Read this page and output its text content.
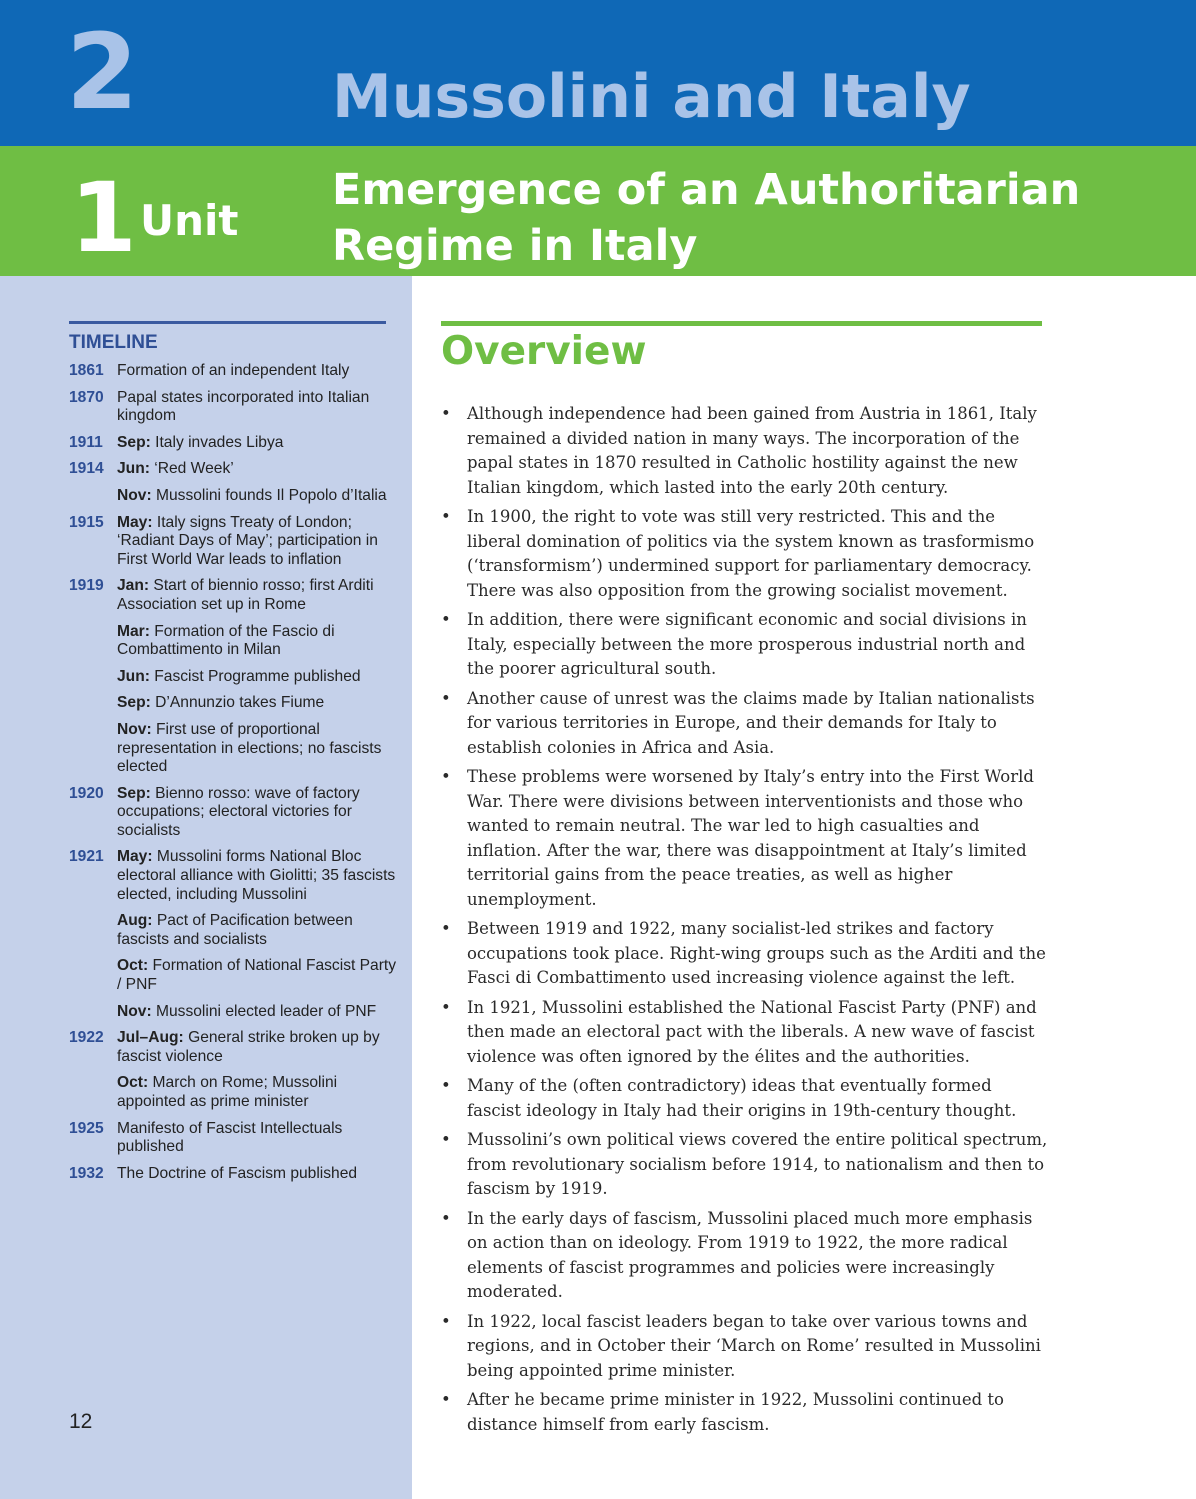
2	Mussolini and Italy
1 Unit
Emergence of an Authoritarian
Regime in Italy
TIMELINE
1861 Formation of an independent Italy
1870 Papal states incorporated into Italian kingdom
1911 Sep: Italy invades Libya
1914 Jun: ‘Red Week’
Nov: Mussolini founds Il Popolo d’Italia
1915 May: Italy signs Treaty of London; ‘Radiant Days of May’; participation in First World War leads to inflation
1919 Jan: Start of biennio rosso; first Arditi Association set up in Rome
Mar: Formation of the Fascio di Combattimento in Milan
Jun: Fascist Programme published
Sep: D’Annunzio takes Fiume
Nov: First use of proportional representation in elections; no fascists elected
1920 Sep: Bienno rosso: wave of factory occupations; electoral victories for socialists
1921 May: Mussolini forms National Bloc electoral alliance with Giolitti; 35 fascists elected, including Mussolini
Aug: Pact of Pacification between fascists and socialists
Oct: Formation of National Fascist Party / PNF
Nov: Mussolini elected leader of PNF
1922 Jul–Aug: General strike broken up by fascist violence
Oct: March on Rome; Mussolini appointed as prime minister
1925 Manifesto of Fascist Intellectuals published
1932 The Doctrine of Fascism published
12
Overview
• Although independence had been gained from Austria in 1861, Italy remained a divided nation in many ways. The incorporation of the papal states in 1870 resulted in Catholic hostility against the new Italian kingdom, which lasted into the early 20th century.
• In 1900, the right to vote was still very restricted. This and the liberal domination of politics via the system known as trasformismo (‘transformism’) undermined support for parliamentary democracy. There was also opposition from the growing socialist movement.
• In addition, there were significant economic and social divisions in Italy, especially between the more prosperous industrial north and the poorer agricultural south.
• Another cause of unrest was the claims made by Italian nationalists for various territories in Europe, and their demands for Italy to establish colonies in Africa and Asia.
• These problems were worsened by Italy’s entry into the First World War. There were divisions between interventionists and those who wanted to remain neutral. The war led to high casualties and inflation. After the war, there was disappointment at Italy’s limited territorial gains from the peace treaties, as well as higher unemployment.
• Between 1919 and 1922, many socialist-led strikes and factory occupations took place. Right-wing groups such as the Arditi and the Fasci di Combattimento used increasing violence against the left.
• In 1921, Mussolini established the National Fascist Party (PNF) and then made an electoral pact with the liberals. A new wave of fascist violence was often ignored by the élites and the authorities.
• Many of the (often contradictory) ideas that eventually formed fascist ideology in Italy had their origins in 19th-century thought.
• Mussolini’s own political views covered the entire political spectrum, from revolutionary socialism before 1914, to nationalism and then to fascism by 1919.
• In the early days of fascism, Mussolini placed much more emphasis on action than on ideology. From 1919 to 1922, the more radical elements of fascist programmes and policies were increasingly moderated.
• In 1922, local fascist leaders began to take over various towns and regions, and in October their ‘March on Rome’ resulted in Mussolini being appointed prime minister.
• After he became prime minister in 1922, Mussolini continued to distance himself from early fascism.
